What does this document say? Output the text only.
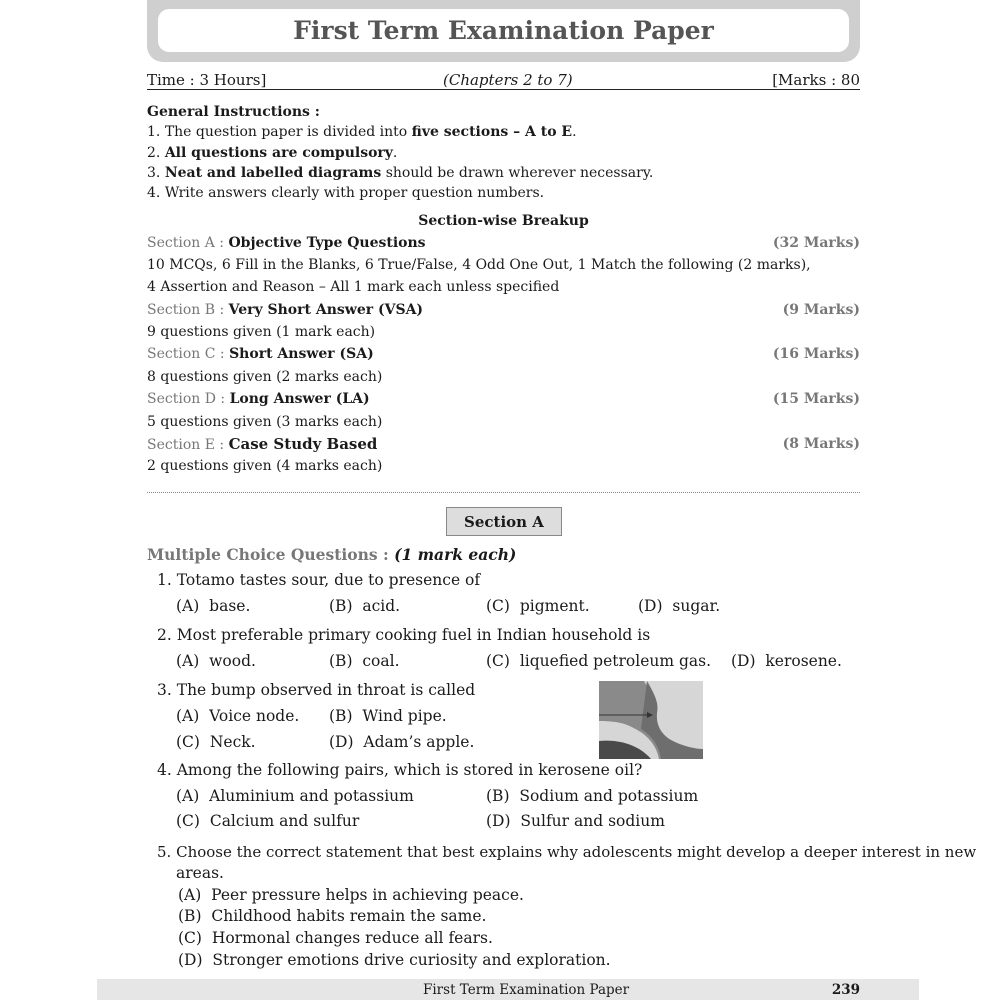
First Term Examination Paper
Time : 3 Hours]	(Chapters 2 to 7)	[Marks : 80
General Instructions :
1. The question paper is divided into five sections – A to E.
2. All questions are compulsory.
3. Neat and labelled diagrams should be drawn wherever necessary.
4. Write answers clearly with proper question numbers.
Section-wise Breakup
Section A : Objective Type Questions	(32 Marks)
10 MCQs, 6 Fill in the Blanks, 6 True/False, 4 Odd One Out, 1 Match the following (2 marks),
4 Assertion and Reason – All 1 mark each unless specified
Section B : Very Short Answer (VSA)	(9 Marks)
9 questions given (1 mark each)
Section C : Short Answer (SA)	(16 Marks)
8 questions given (2 marks each)
Section D : Long Answer (LA)	(15 Marks)
5 questions given (3 marks each)
Section E : Case Study Based	(8 Marks)
2 questions given (4 marks each)
Section A
Multiple Choice Questions : (1 mark each)
1. Totamo tastes sour, due to presence of
(A) base.	(B) acid.	(C) pigment.	(D) sugar.
2. Most preferable primary cooking fuel in Indian household is
(A) wood.	(B) coal.	(C) liquefied petroleum gas. (D) kerosene.
3. The bump observed in throat is called
(A) Voice node. (B) Wind pipe.
(C) Neck.	(D) Adam’s apple.
4. Among the following pairs, which is stored in kerosene oil?
(A) Aluminium and potassium	(B) Sodium and potassium
(C) Calcium and sulfur	(D) Sulfur and sodium
5. Choose the correct statement that best explains why adolescents might develop a deeper interest in new
areas.
(A) Peer pressure helps in achieving peace.
(B) Childhood habits remain the same.
(C) Hormonal changes reduce all fears.
(D) Stronger emotions drive curiosity and exploration.
First Term Examination Paper	239
